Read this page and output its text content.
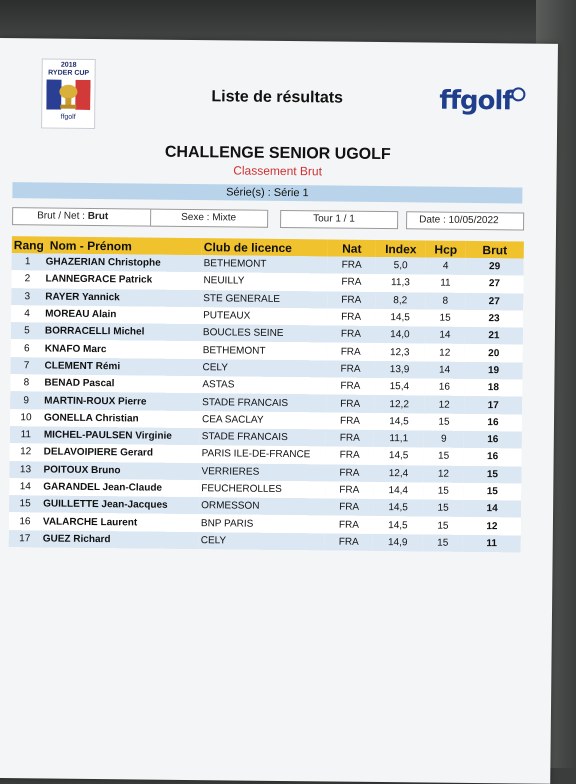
2018
RYDER CUP
ffgolf
Liste de résultats	ffgolf
CHALLENGE SENIOR UGOLF
Classement Brut
Série(s) : Série 1
Brut / Net : Brut	Sexe : Mixte	Tour 1 / 1	Date : 10/05/2022
Rang	Nom - Prénom	Club de licence	Nat	Index	Hcp	Brut
1	GHAZERIAN Christophe	BETHEMONT	FRA	5,0	4	29
2	LANNEGRACE Patrick	NEUILLY	FRA	11,3	11	27
3	RAYER Yannick	STE GENERALE	FRA	8,2	8	27
4	MOREAU Alain	PUTEAUX	FRA	14,5	15	23
5	BORRACELLI Michel	BOUCLES SEINE	FRA	14,0	14	21
6	KNAFO Marc	BETHEMONT	FRA	12,3	12	20
7	CLEMENT Rémi	CELY	FRA	13,9	14	19
8	BENAD Pascal	ASTAS	FRA	15,4	16	18
9	MARTIN-ROUX Pierre	STADE FRANCAIS	FRA	12,2	12	17
10	GONELLA Christian	CEA SACLAY	FRA	14,5	15	16
11	MICHEL-PAULSEN Virginie	STADE FRANCAIS	FRA	11,1	9	16
12	DELAVOIPIERE Gerard	PARIS ILE-DE-FRANCE	FRA	14,5	15	16
13	POITOUX Bruno	VERRIERES	FRA	12,4	12	15
14	GARANDEL Jean-Claude	FEUCHEROLLES	FRA	14,4	15	15
15	GUILLETTE Jean-Jacques	ORMESSON	FRA	14,5	15	14
16	VALARCHE Laurent	BNP PARIS	FRA	14,5	15	12
17	GUEZ Richard	CELY	FRA	14,9	15	11
